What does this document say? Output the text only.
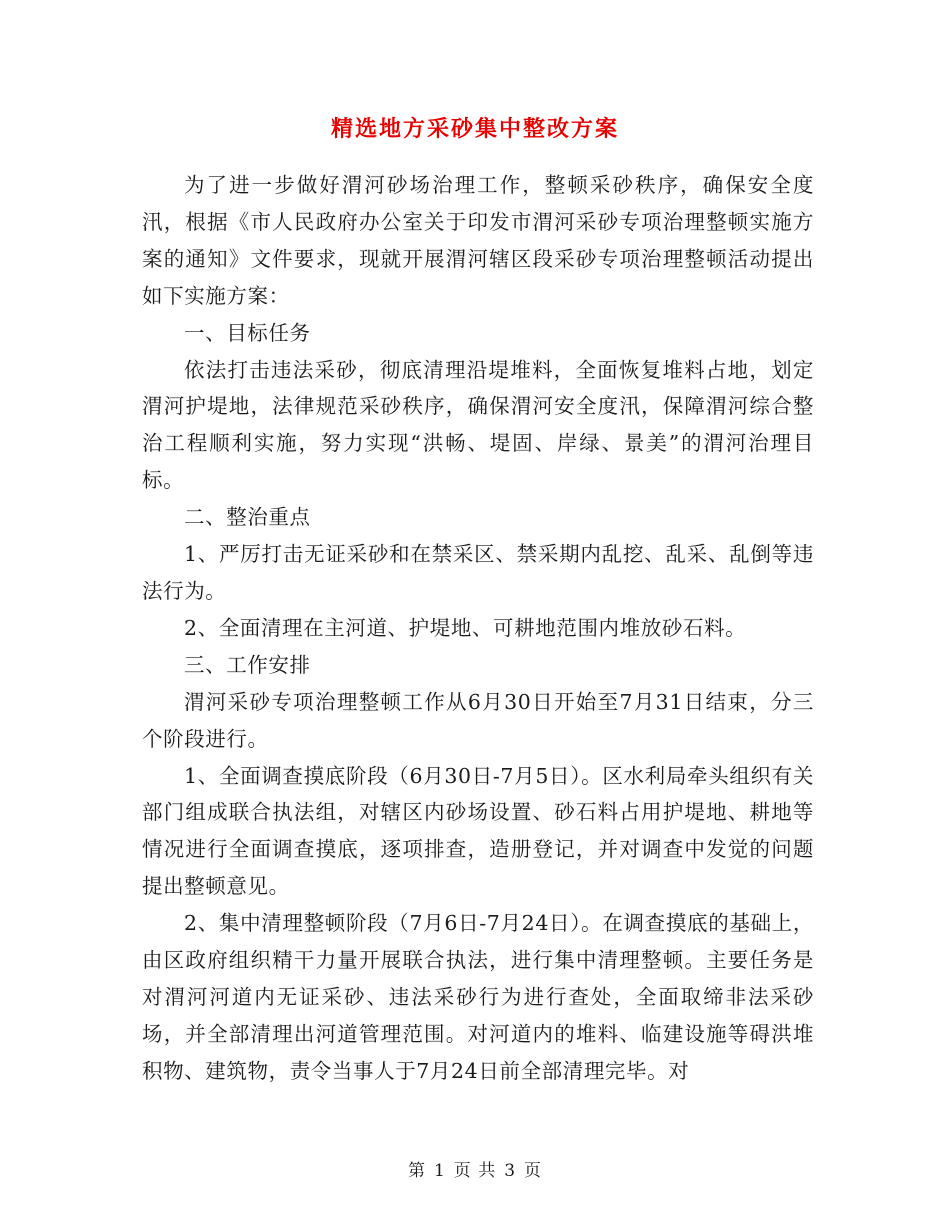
精选地方采砂集中整改方案

为了进一步做好渭河砂场治理工作，整顿采砂秩序，确保安全度汛，根据《市人民政府办公室关于印发市渭河采砂专项治理整顿实施方案的通知》文件要求，现就开展渭河辖区段采砂专项治理整顿活动提出如下实施方案：

一、目标任务

依法打击违法采砂，彻底清理沿堤堆料，全面恢复堆料占地，划定渭河护堤地，法律规范采砂秩序，确保渭河安全度汛，保障渭河综合整治工程顺利实施，努力实现“洪畅、堤固、岸绿、景美”的渭河治理目标。

二、整治重点

1、严厉打击无证采砂和在禁采区、禁采期内乱挖、乱采、乱倒等违法行为。

2、全面清理在主河道、护堤地、可耕地范围内堆放砂石料。

三、工作安排

渭河采砂专项治理整顿工作从6月30日开始至7月31日结束，分三个阶段进行。

1、全面调查摸底阶段（6月30日-7月5日）。区水利局牵头组织有关部门组成联合执法组，对辖区内砂场设置、砂石料占用护堤地、耕地等情况进行全面调查摸底，逐项排查，造册登记，并对调查中发觉的问题提出整顿意见。

2、集中清理整顿阶段（7月6日-7月24日）。在调查摸底的基础上，由区政府组织精干力量开展联合执法，进行集中清理整顿。主要任务是对渭河河道内无证采砂、违法采砂行为进行查处，全面取缔非法采砂场，并全部清理出河道管理范围。对河道内的堆料、临建设施等碍洪堆积物、建筑物，责令当事人于7月24日前全部清理完毕。对

第 1 页 共 3 页
